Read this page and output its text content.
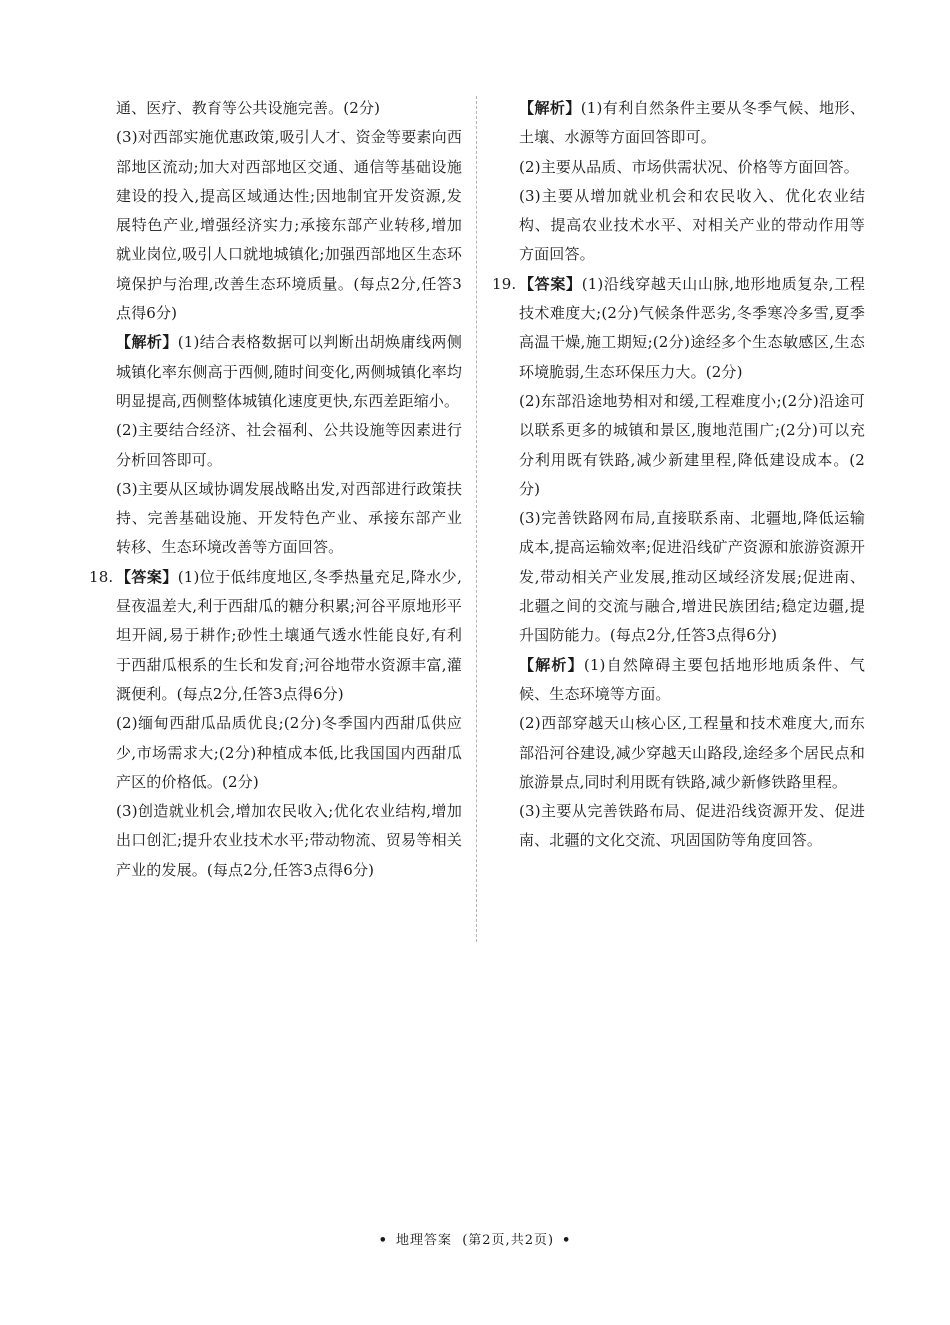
通、医疗、教育等公共设施完善。(2分)

(3)对西部实施优惠政策,吸引人才、资金等要素向西部地区流动;加大对西部地区交通、通信等基础设施建设的投入,提高区域通达性;因地制宜开发资源,发展特色产业,增强经济实力;承接东部产业转移,增加就业岗位,吸引人口就地城镇化;加强西部地区生态环境保护与治理,改善生态环境质量。(每点2分,任答3点得6分)

【解析】(1)结合表格数据可以判断出胡焕庸线两侧城镇化率东侧高于西侧,随时间变化,两侧城镇化率均明显提高,西侧整体城镇化速度更快,东西差距缩小。

(2)主要结合经济、社会福利、公共设施等因素进行分析回答即可。

(3)主要从区域协调发展战略出发,对西部进行政策扶持、完善基础设施、开发特色产业、承接东部产业转移、生态环境改善等方面回答。

18. 【答案】(1)位于低纬度地区,冬季热量充足,降水少,昼夜温差大,利于西甜瓜的糖分积累;河谷平原地形平坦开阔,易于耕作;砂性土壤通气透水性能良好,有利于西甜瓜根系的生长和发育;河谷地带水资源丰富,灌溉便利。(每点2分,任答3点得6分)

(2)缅甸西甜瓜品质优良;(2分)冬季国内西甜瓜供应少,市场需求大;(2分)种植成本低,比我国国内西甜瓜产区的价格低。(2分)

(3)创造就业机会,增加农民收入;优化农业结构,增加出口创汇;提升农业技术水平;带动物流、贸易等相关产业的发展。(每点2分,任答3点得6分)

【解析】(1)有利自然条件主要从冬季气候、地形、土壤、水源等方面回答即可。

(2)主要从品质、市场供需状况、价格等方面回答。

(3)主要从增加就业机会和农民收入、优化农业结构、提高农业技术水平、对相关产业的带动作用等方面回答。

19. 【答案】(1)沿线穿越天山山脉,地形地质复杂,工程技术难度大;(2分)气候条件恶劣,冬季寒冷多雪,夏季高温干燥,施工期短;(2分)途经多个生态敏感区,生态环境脆弱,生态环保压力大。(2分)

(2)东部沿途地势相对和缓,工程难度小;(2分)沿途可以联系更多的城镇和景区,腹地范围广;(2分)可以充分利用既有铁路,减少新建里程,降低建设成本。(2分)

(3)完善铁路网布局,直接联系南、北疆地,降低运输成本,提高运输效率;促进沿线矿产资源和旅游资源开发,带动相关产业发展,推动区域经济发展;促进南、北疆之间的交流与融合,增进民族团结;稳定边疆,提升国防能力。(每点2分,任答3点得6分)

【解析】(1)自然障碍主要包括地形地质条件、气候、生态环境等方面。

(2)西部穿越天山核心区,工程量和技术难度大,而东部沿河谷建设,减少穿越天山路段,途经多个居民点和旅游景点,同时利用既有铁路,减少新修铁路里程。

(3)主要从完善铁路布局、促进沿线资源开发、促进南、北疆的文化交流、巩固国防等角度回答。

• 地理答案 (第2页,共2页) •
